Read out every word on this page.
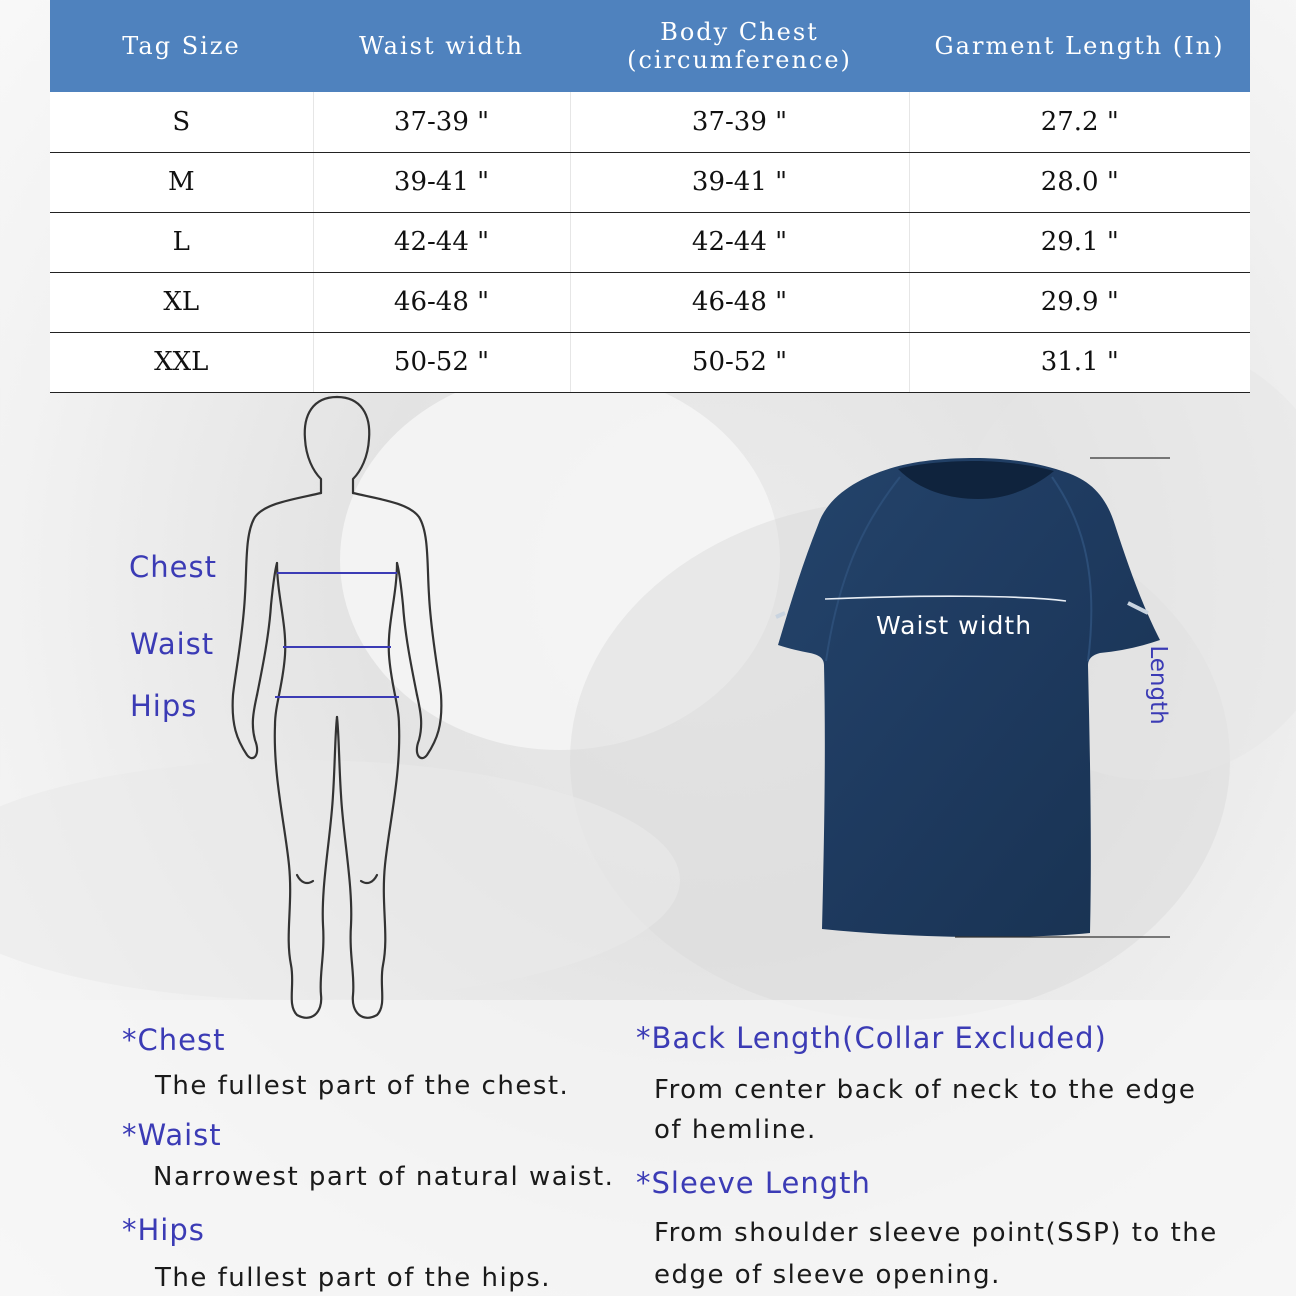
Tag Size	Waist width	Body Chest
(circumference)	Garment Length (In)
S	37-39 "	37-39 "	27.2 "
M	39-41 "	39-41 "	28.0 "
L	42-44 "	42-44 "	29.1 "
XL	46-48 "	46-48 "	29.9 "
XXL	50-52 "	50-52 "	31.1 "
Chest
Waist
Hips
Waist width
Length
*Chest
The fullest part of the chest.
*Waist
Narrowest part of natural waist.
*Hips
The fullest part of the hips.
*Back Length(Collar Excluded)
From center back of neck to the edge
of hemline.
*Sleeve Length
From shoulder sleeve point(SSP) to the
edge of sleeve opening.
